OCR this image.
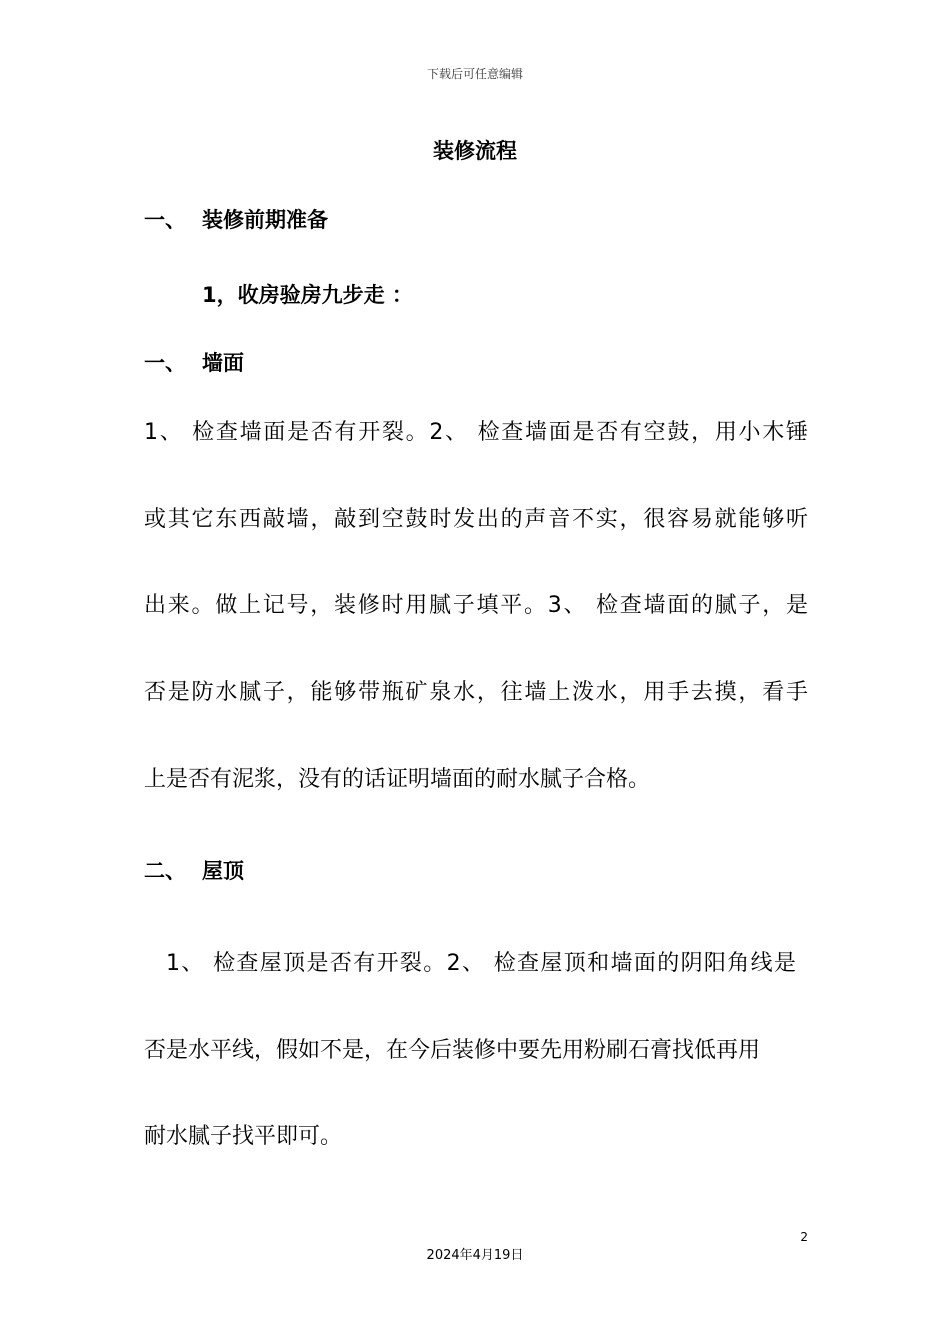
下载后可任意编辑
装修流程
一、 装修前期准备
1，收房验房九步走 ：
一、 墙面
1、 检查墙面是否有开裂。2、 检查墙面是否有空鼓，用小木锤
或其它东西敲墙，敲到空鼓时发出的声音不实，很容易就能够听
出来。做上记号，装修时用腻子填平。3、 检查墙面的腻子，是
否是防水腻子，能够带瓶矿泉水，往墙上泼水，用手去摸，看手
上是否有泥浆，没有的话证明墙面的耐水腻子合格。
二、 屋顶
1、 检查屋顶是否有开裂。2、 检查屋顶和墙面的阴阳角线是
否是水平线，假如不是，在今后装修中要先用粉刷石膏找低再用
耐水腻子找平即可。
2
2024年4月19日
